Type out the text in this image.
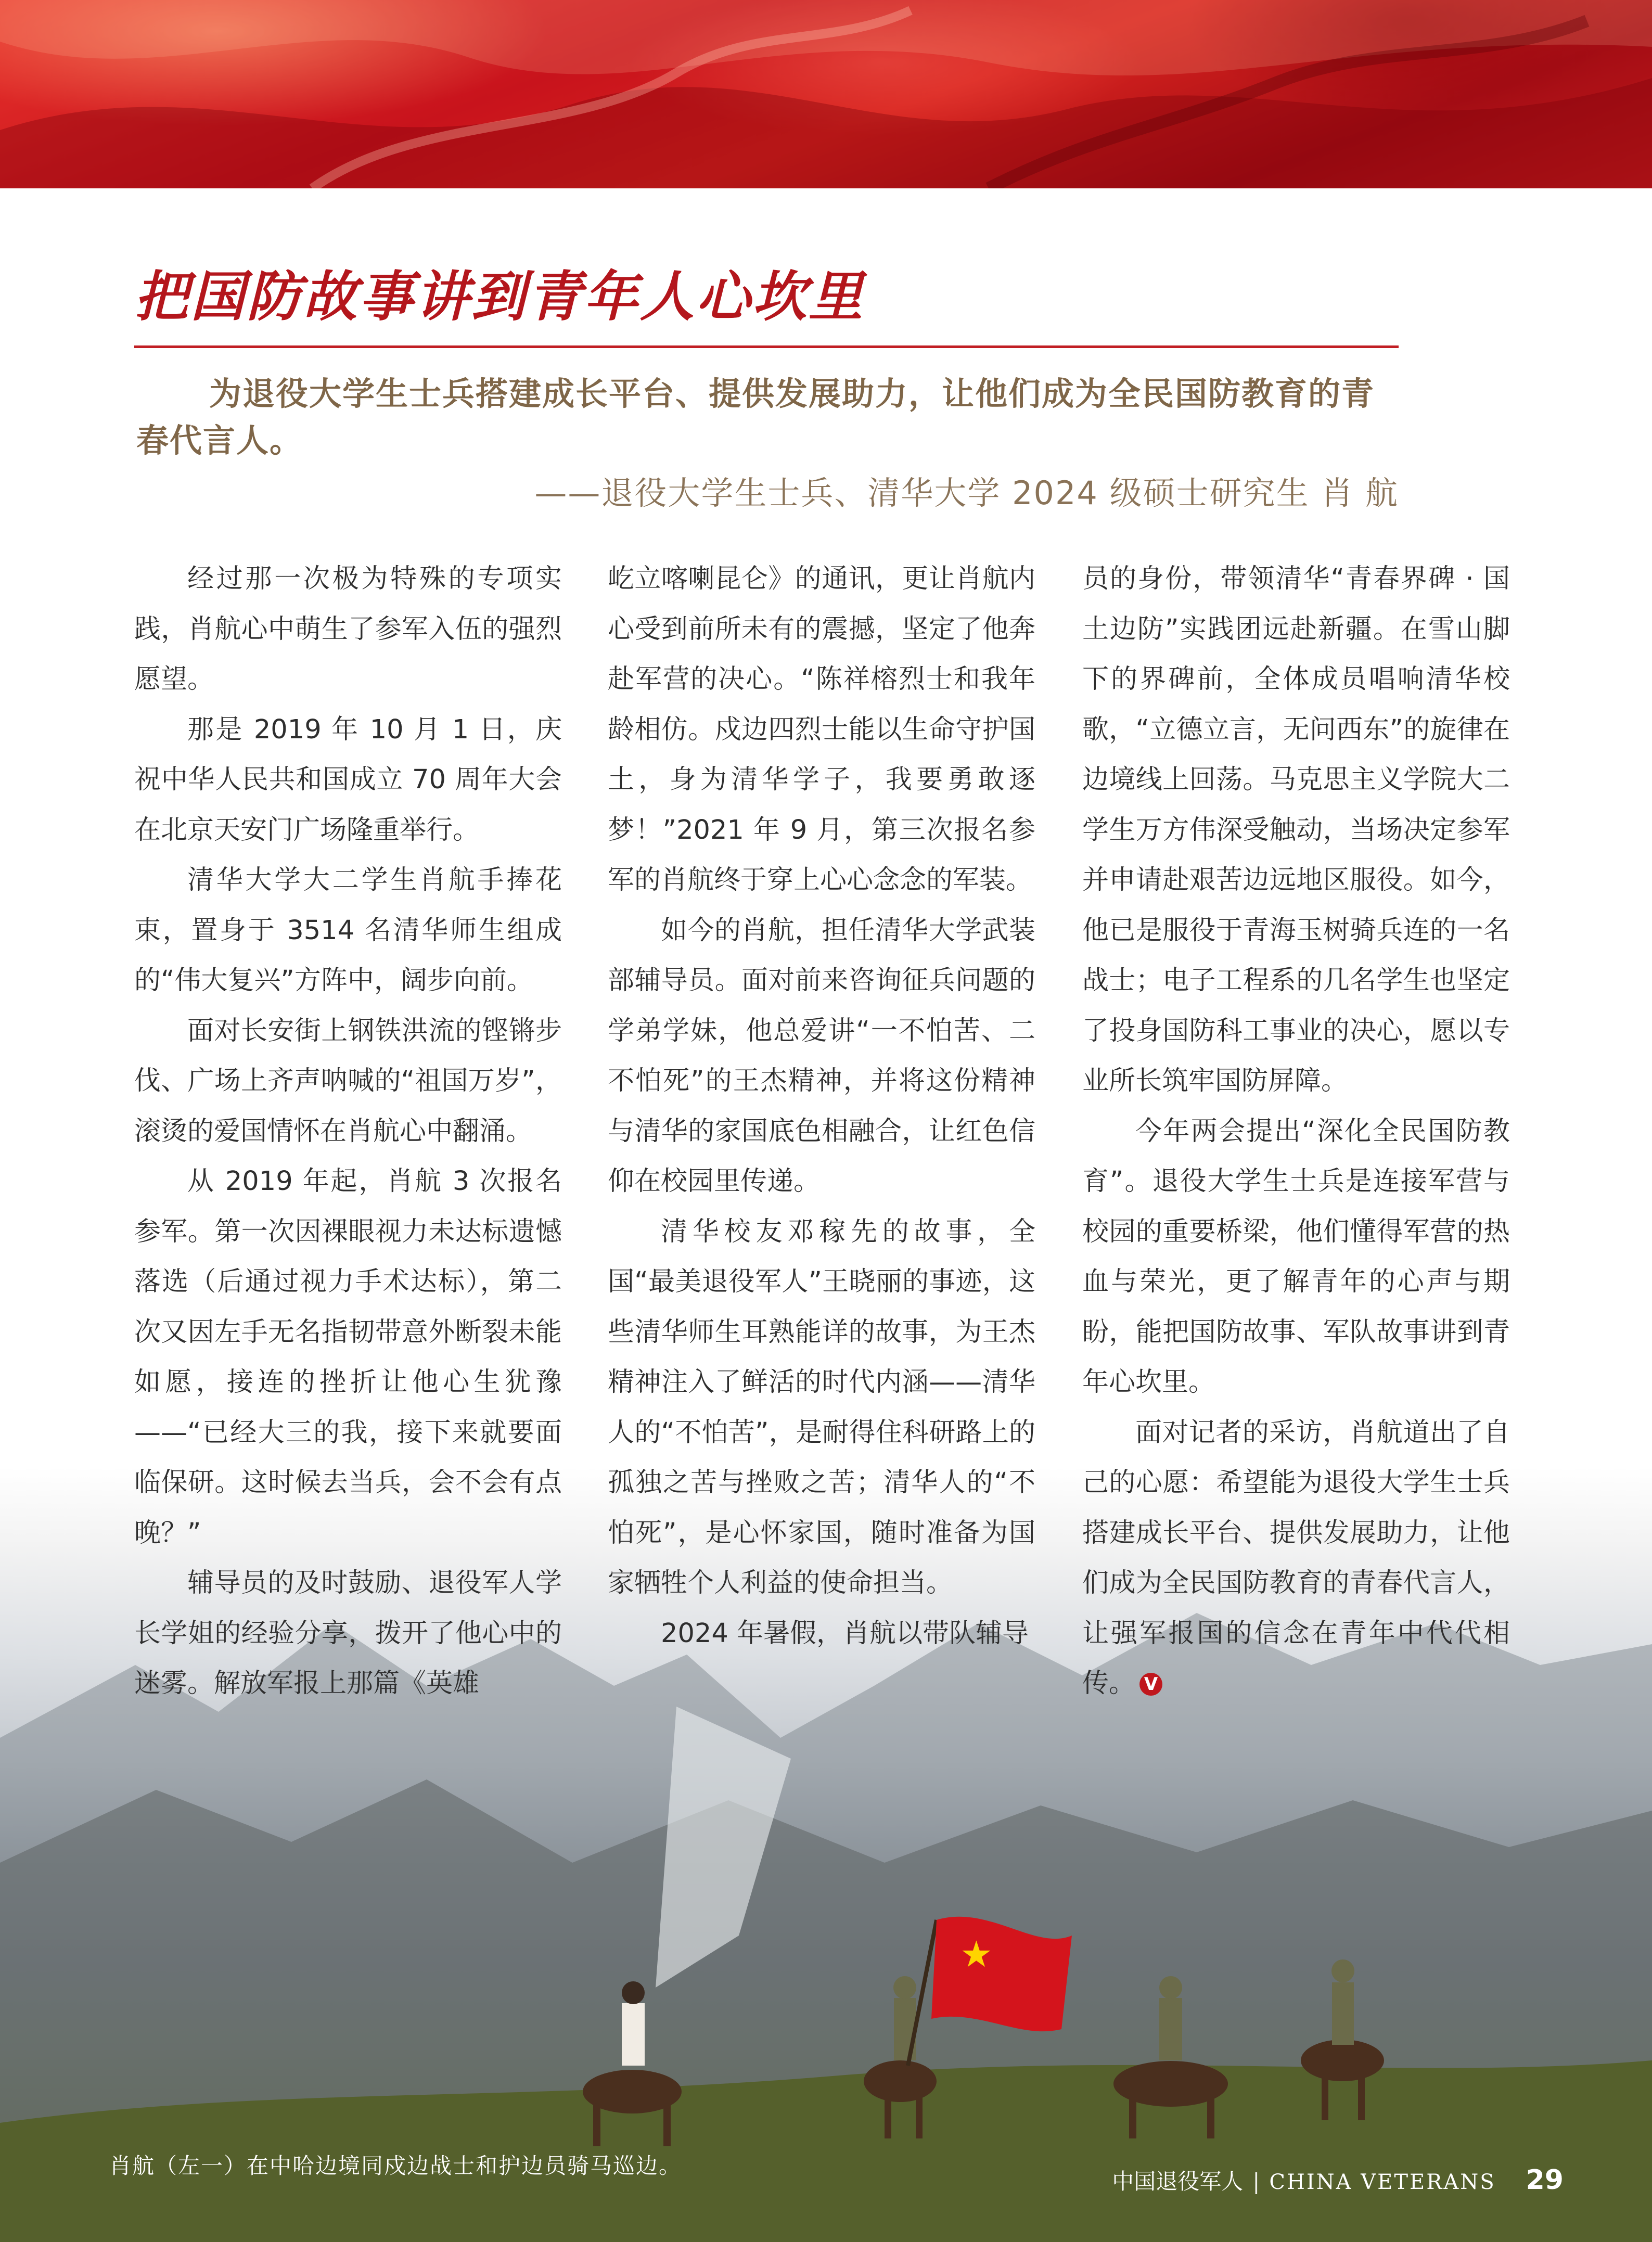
把国防故事讲到青年人心坎里

为退役大学生士兵搭建成长平台、提供发展助力，让他们成为全民国防教育的青春代言人。

——退役大学生士兵、清华大学 2024 级硕士研究生 肖 航

★

经过那一次极为特殊的专项实践，肖航心中萌生了参军入伍的强烈愿望。

那是 2019 年 10 月 1 日，庆祝中华人民共和国成立 70 周年大会在北京天安门广场隆重举行。

清华大学大二学生肖航手捧花束，置身于 3514 名清华师生组成的“伟大复兴”方阵中，阔步向前。

面对长安街上钢铁洪流的铿锵步伐、广场上齐声呐喊的“祖国万岁”，滚烫的爱国情怀在肖航心中翻涌。

从 2019 年起，肖航 3 次报名参军。第一次因裸眼视力未达标遗憾落选（后通过视力手术达标），第二次又因左手无名指韧带意外断裂未能如愿，接连的挫折让他心生犹豫——“已经大三的我，接下来就要面临保研。这时候去当兵，会不会有点晚？”

辅导员的及时鼓励、退役军人学长学姐的经验分享，拨开了他心中的迷雾。解放军报上那篇《英雄

屹立喀喇昆仑》的通讯，更让肖航内心受到前所未有的震撼，坚定了他奔赴军营的决心。“陈祥榕烈士和我年龄相仿。戍边四烈士能以生命守护国土，身为清华学子，我要勇敢逐梦！”2021 年 9 月，第三次报名参军的肖航终于穿上心心念念的军装。

如今的肖航，担任清华大学武装部辅导员。面对前来咨询征兵问题的学弟学妹，他总爱讲“一不怕苦、二不怕死”的王杰精神，并将这份精神与清华的家国底色相融合，让红色信仰在校园里传递。

清华校友邓稼先的故事，全国“最美退役军人”王晓丽的事迹，这些清华师生耳熟能详的故事，为王杰精神注入了鲜活的时代内涵——清华人的“不怕苦”，是耐得住科研路上的孤独之苦与挫败之苦；清华人的“不怕死”，是心怀家国，随时准备为国家牺牲个人利益的使命担当。

2024 年暑假，肖航以带队辅导

员的身份，带领清华“青春界碑 · 国土边防”实践团远赴新疆。在雪山脚下的界碑前，全体成员唱响清华校歌，“立德立言，无问西东”的旋律在边境线上回荡。马克思主义学院大二学生万方伟深受触动，当场决定参军并申请赴艰苦边远地区服役。如今，他已是服役于青海玉树骑兵连的一名战士；电子工程系的几名学生也坚定了投身国防科工事业的决心，愿以专业所长筑牢国防屏障。

今年两会提出“深化全民国防教育”。退役大学生士兵是连接军营与校园的重要桥梁，他们懂得军营的热血与荣光，更了解青年的心声与期盼，能把国防故事、军队故事讲到青年心坎里。

面对记者的采访，肖航道出了自己的心愿：希望能为退役大学生士兵搭建成长平台、提供发展助力，让他们成为全民国防教育的青春代言人，让强军报国的信念在青年中代代相传。 V

肖航（左一）在中哈边境同戍边战士和护边员骑马巡边。
中国退役军人 | CHINA VETERANS 29
